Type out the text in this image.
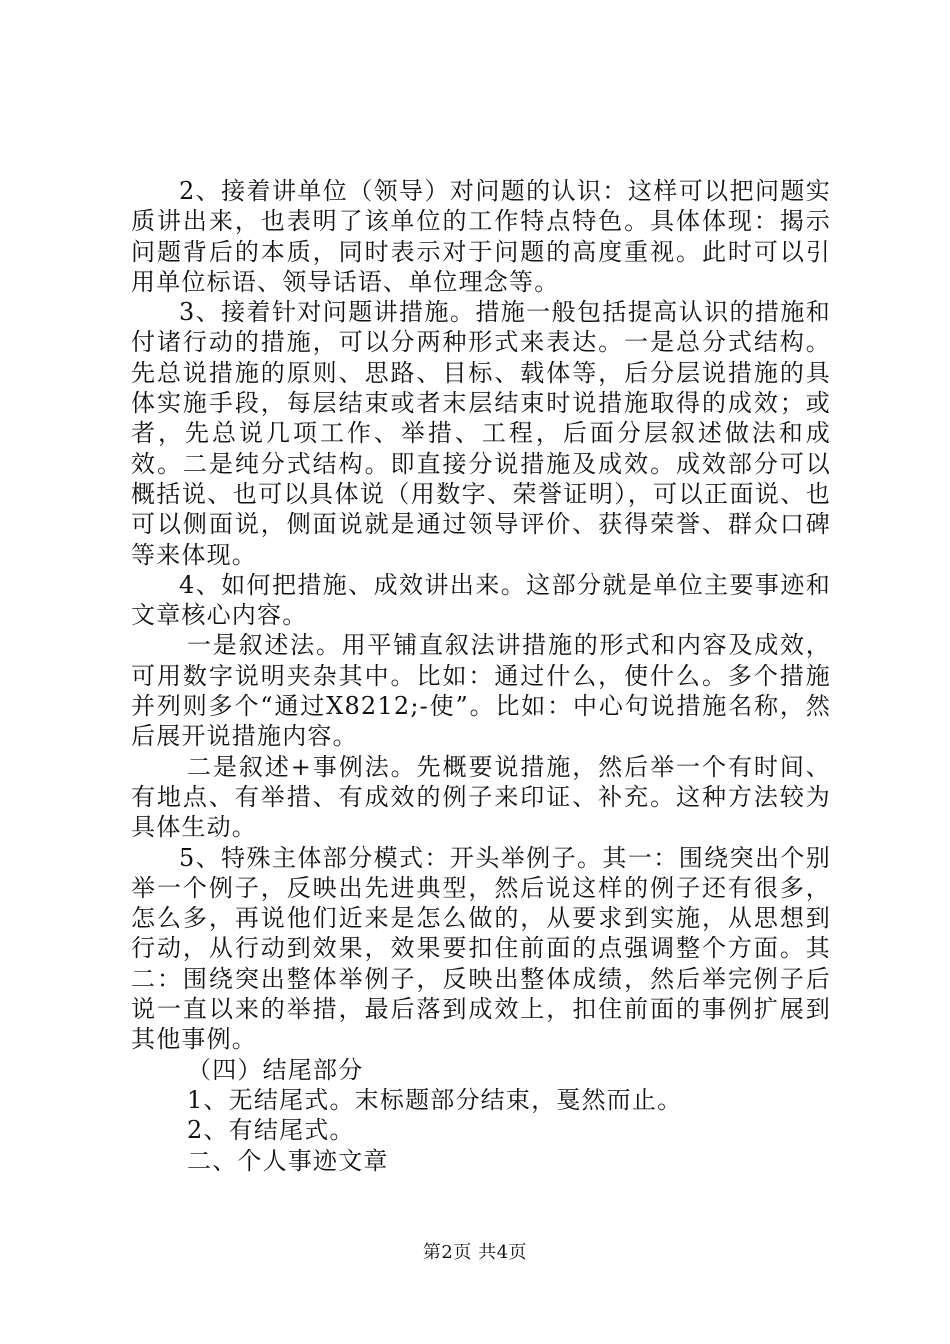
2、接着讲单位（领导）对问题的认识：这样可以把问题实质讲出来，也表明了该单位的工作特点特色。具体体现：揭示问题背后的本质，同时表示对于问题的高度重视。此时可以引用单位标语、领导话语、单位理念等。

3、接着针对问题讲措施。措施一般包括提高认识的措施和付诸行动的措施，可以分两种形式来表达。一是总分式结构。先总说措施的原则、思路、目标、载体等，后分层说措施的具体实施手段，每层结束或者末层结束时说措施取得的成效；或者，先总说几项工作、举措、工程，后面分层叙述做法和成效。二是纯分式结构。即直接分说措施及成效。成效部分可以概括说、也可以具体说（用数字、荣誉证明），可以正面说、也可以侧面说，侧面说就是通过领导评价、获得荣誉、群众口碑等来体现。

4、如何把措施、成效讲出来。这部分就是单位主要事迹和文章核心内容。

一是叙述法。用平铺直叙法讲措施的形式和内容及成效，可用数字说明夹杂其中。比如：通过什么，使什么。多个措施并列则多个“通过X8212;-使”。比如：中心句说措施名称，然后展开说措施内容。

二是叙述+事例法。先概要说措施，然后举一个有时间、有地点、有举措、有成效的例子来印证、补充。这种方法较为具体生动。

5、特殊主体部分模式：开头举例子。其一：围绕突出个别举一个例子，反映出先进典型，然后说这样的例子还有很多，怎么多，再说他们近来是怎么做的，从要求到实施，从思想到行动，从行动到效果，效果要扣住前面的点强调整个方面。其二：围绕突出整体举例子，反映出整体成绩，然后举完例子后说一直以来的举措，最后落到成效上，扣住前面的事例扩展到其他事例。

（四）结尾部分

1、无结尾式。末标题部分结束，戛然而止。

2、有结尾式。

二、个人事迹文章

第2页 共4页
